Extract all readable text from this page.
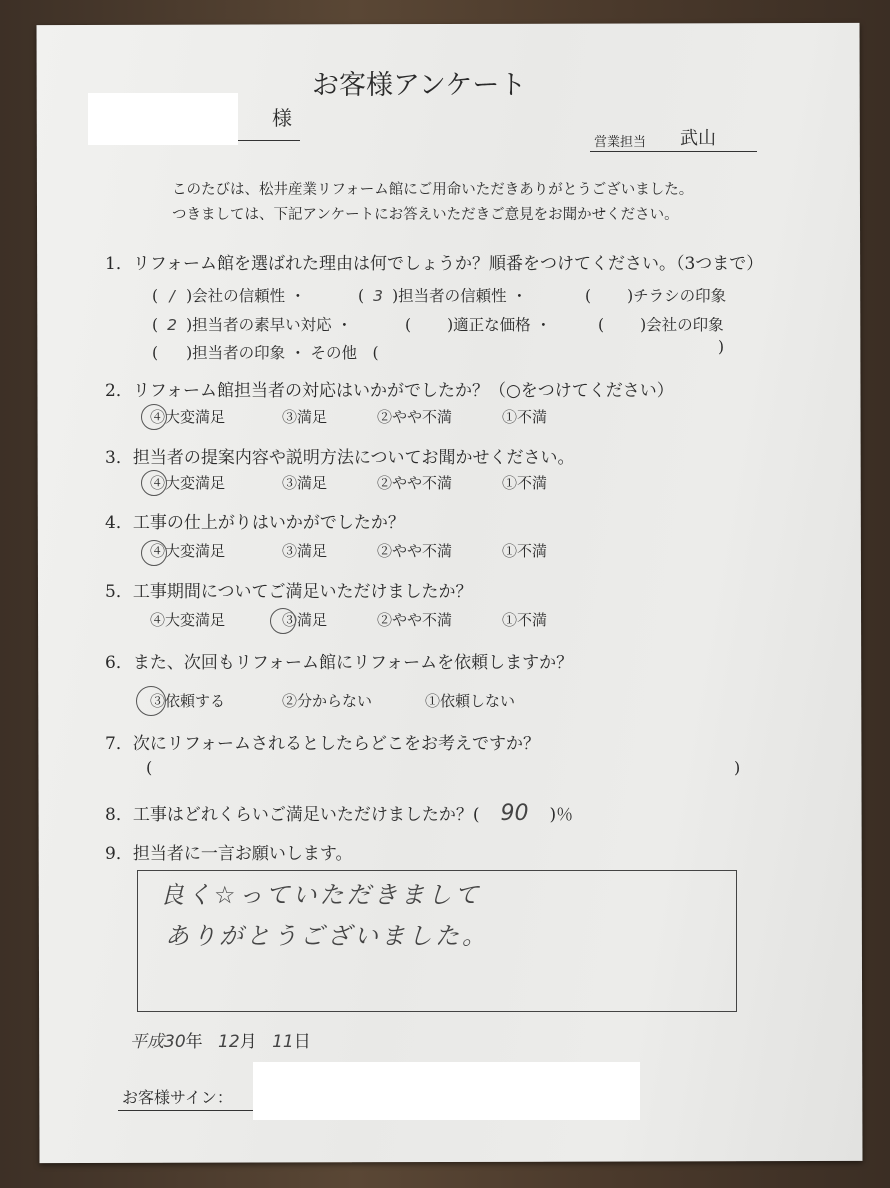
お客様アンケート
様
営業担当 武山
このたびは、松井産業リフォーム館にご用命いただきありがとうございました。
つきましては、下記アンケートにお答えいただきご意見をお聞かせください。
1．リフォーム館を選ばれた理由は何でしょうか？順番をつけてください。（3つまで）
( / )会社の信頼性 ・	( 3 )担当者の信頼性 ・	( )チラシの印象
( 2 )担当者の素早い対応 ・	( )適正な価格 ・	( )会社の印象
( )担当者の印象 ・ その他　(	)
2．リフォーム館担当者の対応はいかがでしたか？（○をつけてください）
3．担当者の提案内容や説明方法についてお聞かせください。
4．工事の仕上がりはいかがでしたか？
5．工事期間についてご満足いただけましたか？
④大変満足	③満足	②やや不満	①不満
④大変満足	③満足	②やや不満	①不満
④大変満足	③満足	②やや不満	①不満
④大変満足	③満足	②やや不満	①不満
6．また、次回もリフォーム館にリフォームを依頼しますか？
③依頼する	②分からない	①依頼しない
7．次にリフォームされるとしたらどこをお考えですか？
(	)
8．工事はどれくらいご満足いただけましたか？( 90 )％
9．担当者に一言お願いします。
良く☆っていただきまして
ありがとうございました。
平成30年 12月 11日
お客様サイン：
